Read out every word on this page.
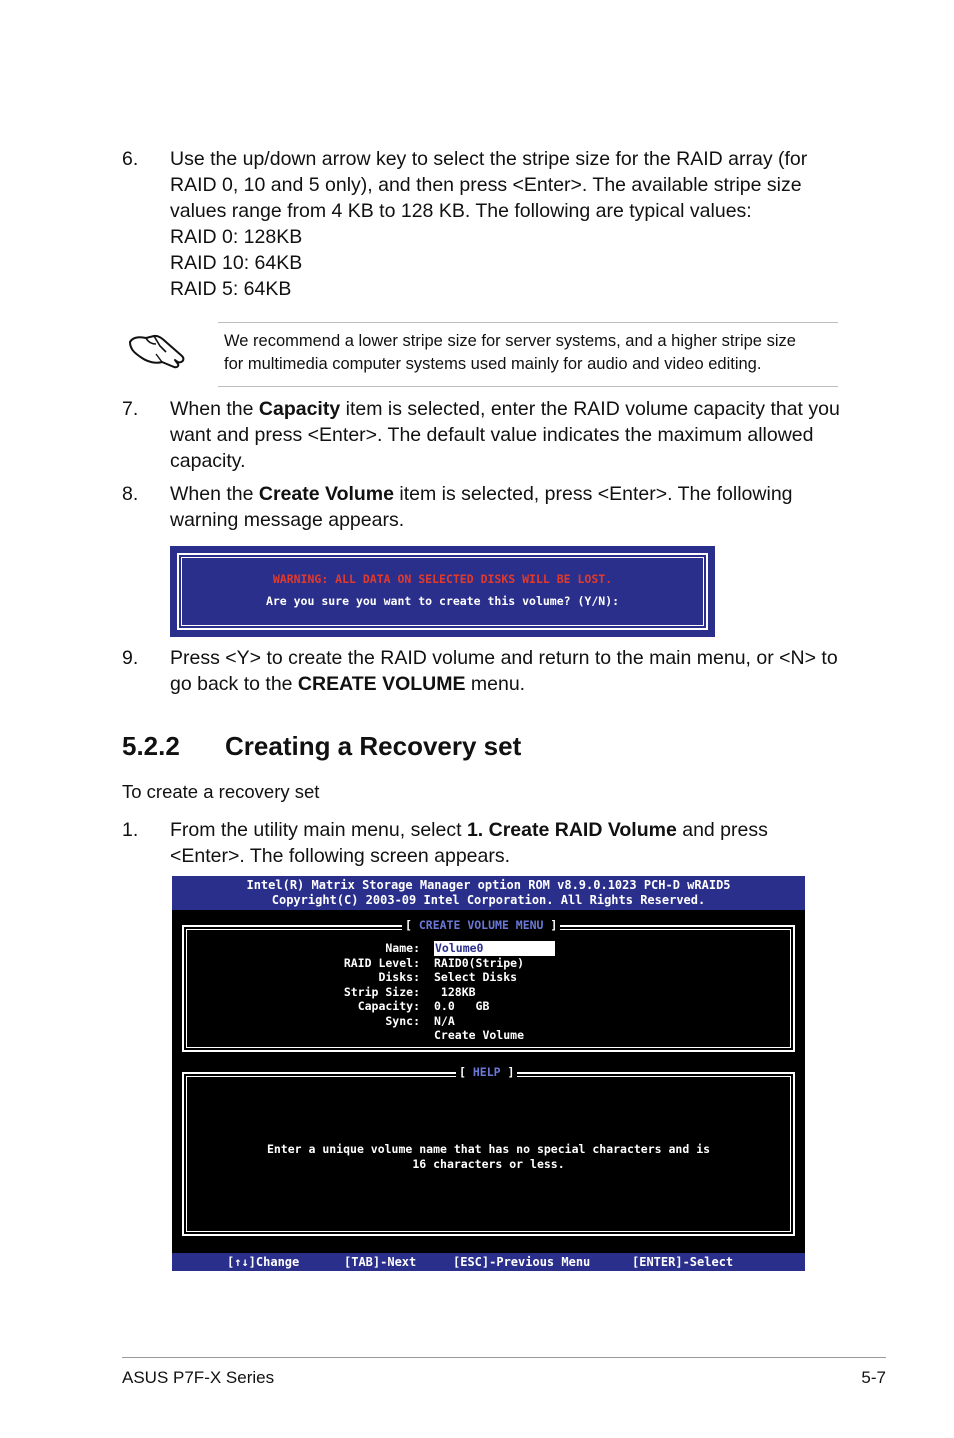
6. Use the up/down arrow key to select the stripe size for the RAID array (for
RAID 0, 10 and 5 only), and then press <Enter>. The available stripe size
values range from 4 KB to 128 KB. The following are typical values:
RAID 0: 128KB
RAID 10: 64KB
RAID 5: 64KB
We recommend a lower stripe size for server systems, and a higher stripe size
for multimedia computer systems used mainly for audio and video editing.
7. When the Capacity item is selected, enter the RAID volume capacity that you
want and press <Enter>. The default value indicates the maximum allowed
capacity.
8. When the Create Volume item is selected, press <Enter>. The following
warning message appears.
WARNING: ALL DATA ON SELECTED DISKS WILL BE LOST.
Are you sure you want to create this volume? (Y/N):
9. Press <Y> to create the RAID volume and return to the main menu, or <N> to
go back to the CREATE VOLUME menu.
5.2.2 Creating a Recovery set
To create a recovery set
1. From the utility main menu, select 1. Create RAID Volume and press
<Enter>. The following screen appears.
Intel(R) Matrix Storage Manager option ROM v8.9.0.1023 PCH-D wRAID5
Copyright(C) 2003-09 Intel Corporation. All Rights Reserved.
[ CREATE VOLUME MENU ]
Name: Volume0
RAID Level: RAID0(Stripe)
Disks: Select Disks
Strip Size: 128KB
Capacity: 0.0   GB
Sync: N/A
Create Volume
[ HELP ]
Enter a unique volume name that has no special characters and is
16 characters or less.
[↑↓]Change	[TAB]-Next	[ESC]-Previous Menu	[ENTER]-Select
ASUS P7F-X Series	5-7
